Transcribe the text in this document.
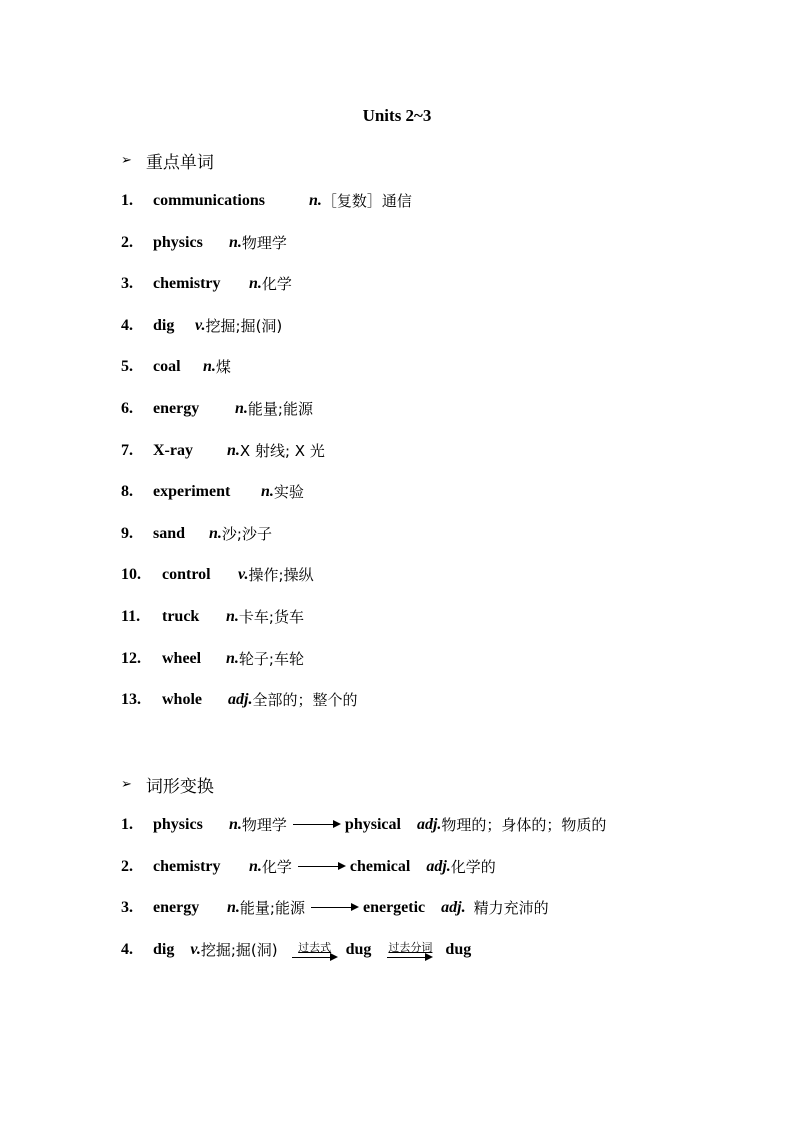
Units 2~3
➢ 重点单词
1.	communications	n. ［复数］通信
2.	physics	n. 物理学
3.	chemistry	n. 化学
4.	dig	v. 挖掘;掘(洞)
5.	coal	n. 煤
6.	energy	n. 能量;能源
7.	X-ray	n. X 射线; X 光
8.	experiment	n. 实验
9.	sand	n. 沙;沙子
10.	control	v. 操作;操纵
11.	truck	n. 卡车;货车
12.	wheel	n. 轮子;车轮
13.	whole	adj. 全部的；整个的
➢ 词形变换
1.	physics	n. 物理学	physical adj. 物理的；身体的；物质的
2.	chemistry	n. 化学	chemical adj. 化学的
3.	energy	n. 能量;能源	energetic adj. 精力充沛的
4.	dig v. 挖掘;掘(洞) 过去式 dug 过去分词 dug
